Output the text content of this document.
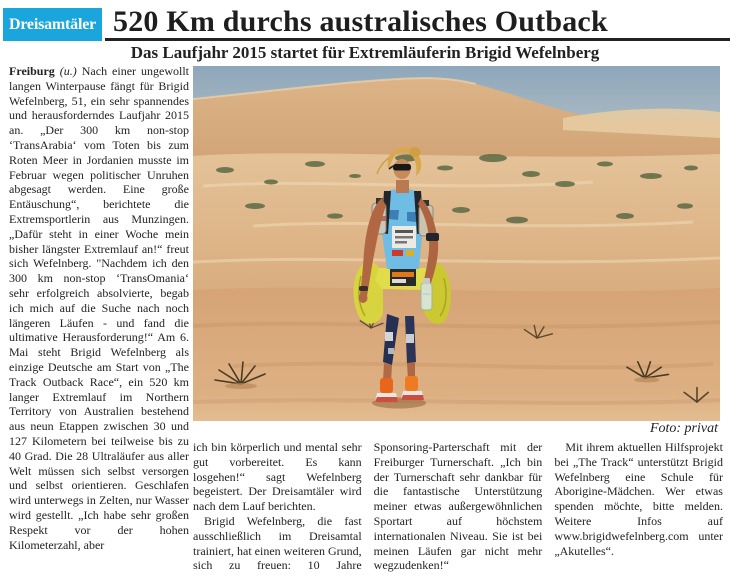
Dreisamtäler 520 Km durchs australisches Outback
Das Laufjahr 2015 startet für Extremläuferin Brigid Wefelnberg

Freiburg (u.) Nach einer ungewollt langen Winterpause fängt für Brigid Wefelnberg, 51, ein sehr spannendes und herausforderndes Laufjahr 2015 an. „Der 300 km non-stop ‘TransArabia‘ vom Toten bis zum Roten Meer in Jordanien musste im Februar wegen politischer Unruhen abgesagt werden. Eine große Entäuschung“, berichtete die Extremsportlerin aus Munzingen. „Dafür steht in einer Woche mein bisher längster Extremlauf an!“ freut sich Wefelnberg. "Nachdem ich den 300 km non-stop ‘TransOmania‘ sehr erfolgreich absolvierte, begab ich mich auf die Suche nach noch längeren Läufen - und fand die ultimative Herausforderung!“ Am 6. Mai steht Brigid Wefelnberg als einzige Deutsche am Start von „The Track Outback Race“, ein 520 km langer Extremlauf im Northern Territory von Australien bestehend aus neun Etappen zwischen 30 und 127 Kilometern bei teilweise bis zu 40 Grad. Die 28 Ultraläufer aus aller Welt müssen sich selbst versorgen und selbst orientieren. Geschlafen wird unterwegs in Zelten, nur Wasser wird gestellt. „Ich habe sehr großen Respekt vor der hohen Kilometerzahl, aber

Foto: privat

ich bin körperlich und mental sehr gut vorbereitet. Es kann losgehen!“ sagt Wefelnberg begeistert. Der Dreisamtäler wird nach dem Lauf berichten.

Brigid Wefelnberg, die fast ausschließlich im Dreisamtal trainiert, hat einen weiteren Grund, sich zu freuen: 10 Jahre Sponsoring-Parterschaft mit der Freiburger Turnerschaft. „Ich bin der Turnerschaft sehr dankbar für die fantastische Unterstützung meiner etwas außergewöhnlichen Sportart auf höchstem internationalen Niveau. Sie ist bei meinen Läufen gar nicht mehr wegzudenken!“

Mit ihrem aktuellen Hilfsprojekt bei „The Track“ unterstützt Brigid Wefelnberg eine Schule für Aborigine-Mädchen. Wer etwas spenden möchte, bitte melden. Weitere Infos auf www.brigidwefelnberg.com unter „Akutelles“.
